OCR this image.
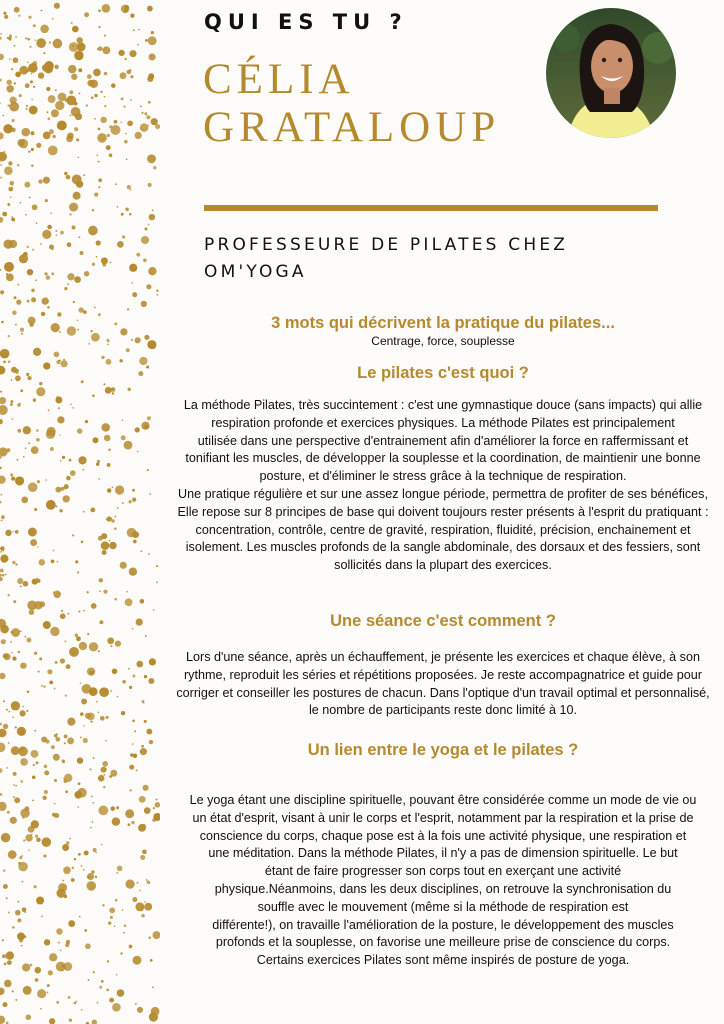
QUI ES TU ?
CÉLIA
GRATALOUP
PROFESSEURE DE PILATES CHEZ OM'YOGA
3 mots qui décrivent la pratique du pilates...

Centrage, force, souplesse

Le pilates c'est quoi ?

La méthode Pilates, très succintement : c'est une gymnastique douce (sans impacts) qui allie
respiration profonde et exercices physiques. La méthode Pilates est principalement
utilisée dans une perspective d'entrainement afin d'améliorer la force en raffermissant et
tonifiant les muscles, de développer la souplesse et la coordination, de maintienir une bonne
posture, et d'éliminer le stress grâce à la technique de respiration.
Une pratique régulière et sur une assez longue période, permettra de profiter de ses bénéfices,
Elle repose sur 8 principes de base qui doivent toujours rester présents à l'esprit du pratiquant :
concentration, contrôle, centre de gravité, respiration, fluidité, précision, enchainement et
isolement. Les muscles profonds de la sangle abdominale, des dorsaux et des fessiers, sont
sollicités dans la plupart des exercices.

Une séance c'est comment ?

Lors d'une séance, après un échauffement, je présente les exercices et chaque élève, à son
rythme, reproduit les séries et répétitions proposées. Je reste accompagnatrice et guide pour
corriger et conseiller les postures de chacun. Dans l'optique d'un travail optimal et personnalisé,
le nombre de participants reste donc limité à 10.

Un lien entre le yoga et le pilates ?

Le yoga étant une discipline spirituelle, pouvant être considérée comme un mode de vie ou
un état d'esprit, visant à unir le corps et l'esprit, notamment par la respiration et la prise de
conscience du corps, chaque pose est à la fois une activité physique, une respiration et
une méditation. Dans la méthode Pilates, il n'y a pas de dimension spirituelle. Le but
étant de faire progresser son corps tout en exerçant une activité
physique.Néanmoins, dans les deux disciplines, on retrouve la synchronisation du
souffle avec le mouvement (même si la méthode de respiration est
différente!), on travaille l'amélioration de la posture, le développement des muscles
profonds et la souplesse, on favorise une meilleure prise de conscience du corps.
Certains exercices Pilates sont même inspirés de posture de yoga.
